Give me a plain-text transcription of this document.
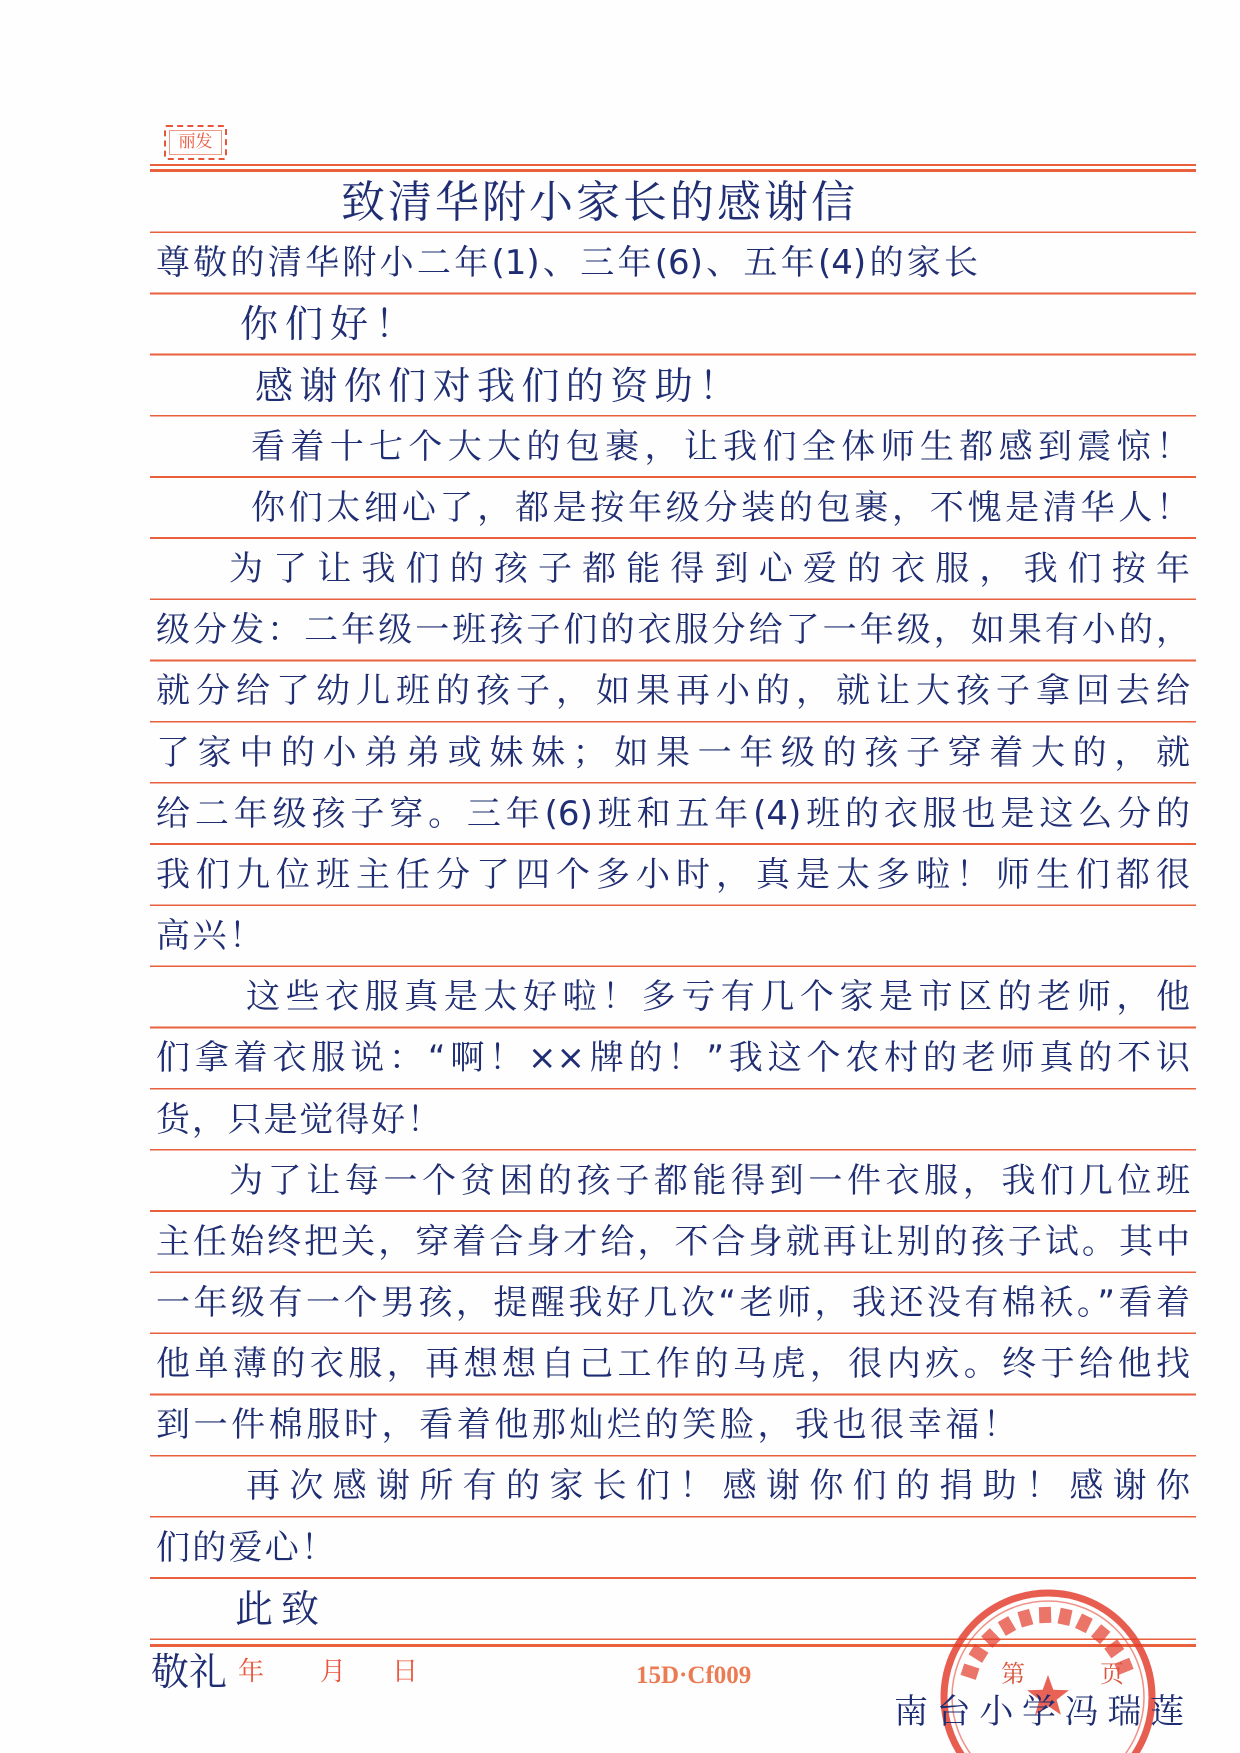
丽发
致清华附小家长的感谢信
尊敬的清华附小二年(1)、三年(6)、五年(4)的家长
你们好！
感谢你们对我们的资助！
看着十七个大大的包裹，让我们全体师生都感到震惊！
你们太细心了，都是按年级分装的包裹，不愧是清华人！
为了让我们的孩子都能得到心爱的衣服，我们按年
级分发：二年级一班孩子们的衣服分给了一年级，如果有小的，
就分给了幼儿班的孩子，如果再小的，就让大孩子拿回去给
了家中的小弟弟或妹妹；如果一年级的孩子穿着大的，就
给二年级孩子穿。三年(6)班和五年(4)班的衣服也是这么分的
我们九位班主任分了四个多小时，真是太多啦！师生们都很
高兴！
这些衣服真是太好啦！多亏有几个家是市区的老师，他
们拿着衣服说：“啊！××牌的！”我这个农村的老师真的不识
货，只是觉得好！
为了让每一个贫困的孩子都能得到一件衣服，我们几位班
主任始终把关，穿着合身才给，不合身就再让别的孩子试。其中
一年级有一个男孩，提醒我好几次“老师，我还没有棉袄。”看着
他单薄的衣服，再想想自己工作的马虎，很内疚。终于给他找
到一件棉服时，看着他那灿烂的笑脸，我也很幸福！
再次感谢所有的家长们！感谢你们的捐助！感谢你
们的爱心！
此致
敬礼 年 月 日	15D·Cf009	第	页
南台小学冯瑞莲
